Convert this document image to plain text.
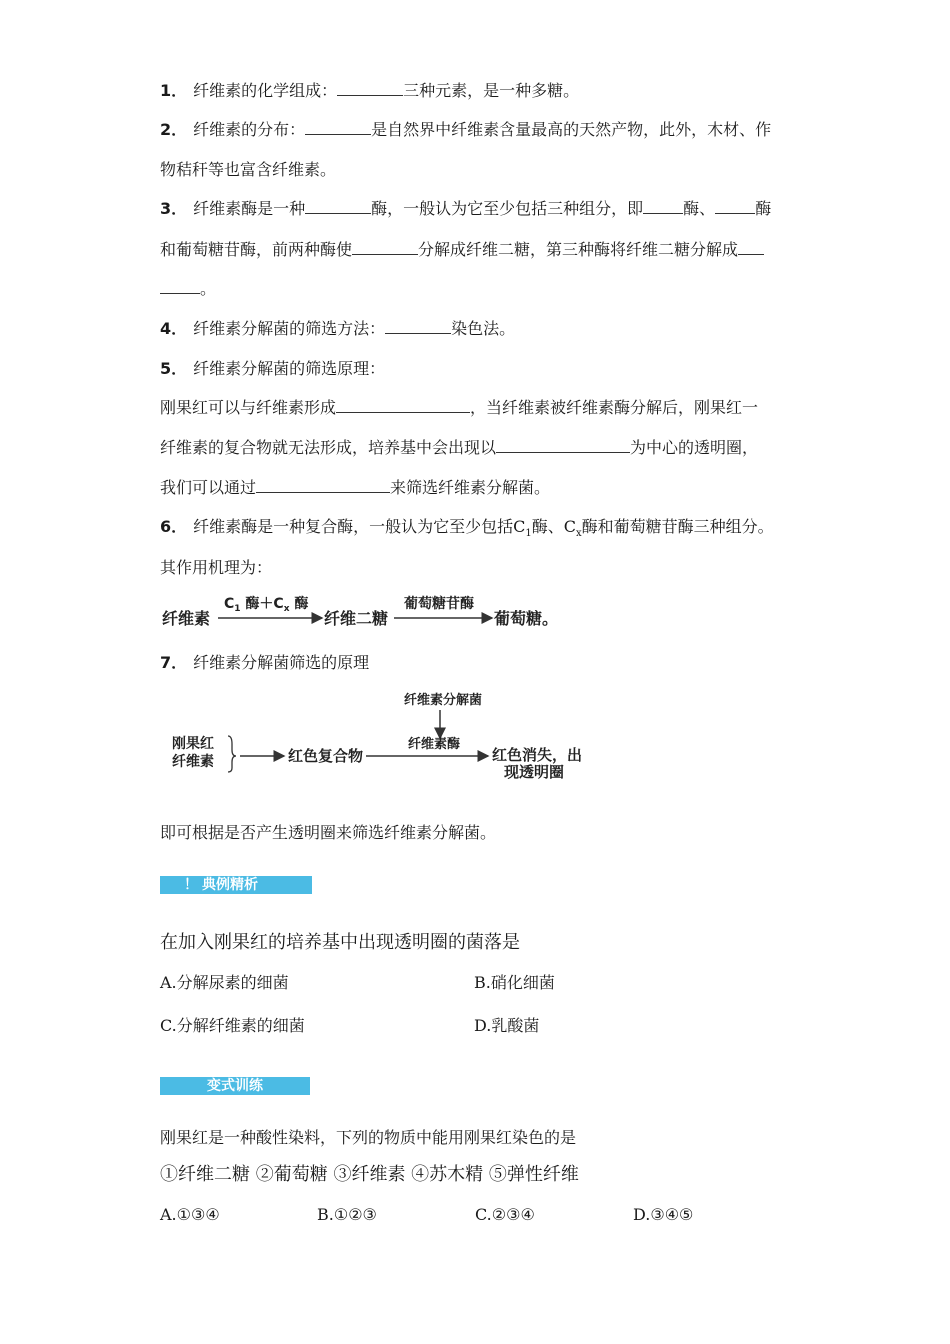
1． 纤维素的化学组成：	三种元素，是一种多糖。
2． 纤维素的分布：	是自然界中纤维素含量最高的天然产物，此外，木材、作
物秸秆等也富含纤维素。
3． 纤维素酶是一种	酶，一般认为它至少包括三种组分，即	酶、	酶
和葡萄糖苷酶，前两种酶使	分解成纤维二糖，第三种酶将纤维二糖分解成
。
4． 纤维素分解菌的筛选方法：	染色法。
5． 纤维素分解菌的筛选原理：
刚果红可以与纤维素形成	，当纤维素被纤维素酶分解后，刚果红一
纤维素的复合物就无法形成，培养基中会出现以	为中心的透明圈，
我们可以通过	来筛选纤维素分解菌。
6． 纤维素酶是一种复合酶，一般认为它至少包括$C_1$酶、$C_x$酶和葡萄糖苷酶三种组分。
其作用机理为：
纤维素
$C_1$ 酶$+C_x$ 酶
纤维二糖
葡萄糖苷酶
葡萄糖。
7． 纤维素分解菌筛选的原理
纤维素分解菌
刚果红
纤维素	红色复合物
纤维素酶
红色消失，出
现透明圈
即可根据是否产生透明圈来筛选纤维素分解菌。
！ 典例精析
在加入刚果红的培养基中出现透明圈的菌落是
A.分解尿素的细菌	B.硝化细菌
C.分解纤维素的细菌	D.乳酸菌
变式训练
刚果红是一种酸性染料，下列的物质中能用刚果红染色的是
①纤维二糖 ②葡萄糖 ③纤维素 ④苏木精 ⑤弹性纤维
A.①③④	B.①②③	C.②③④	D.③④⑤
